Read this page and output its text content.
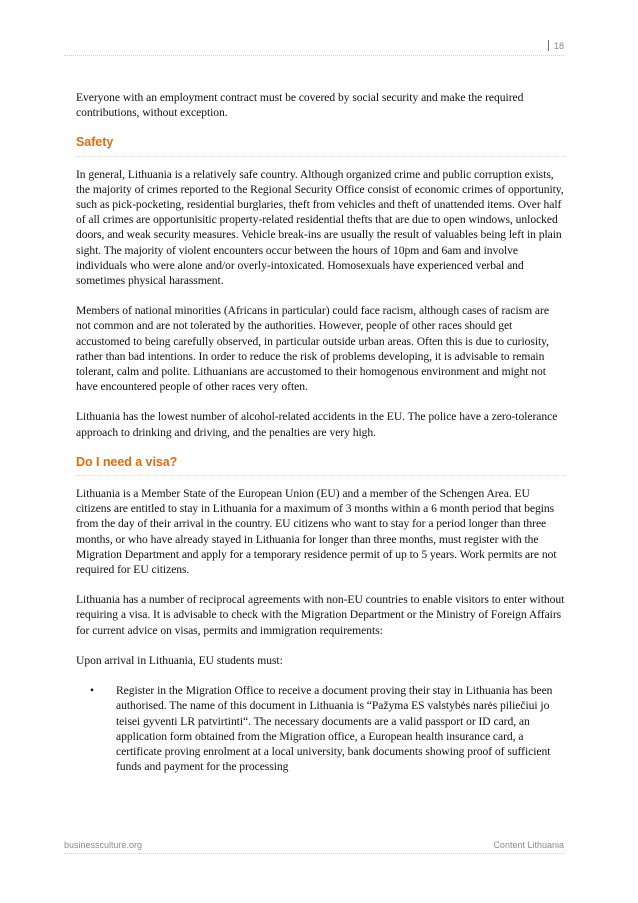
18

Everyone with an employment contract must be covered by social security and make the required contributions, without exception.

Safety

In general, Lithuania is a relatively safe country. Although organized crime and public corruption exists, the majority of crimes reported to the Regional Security Office consist of economic crimes of opportunity, such as pick-pocketing, residential burglaries, theft from vehicles and theft of unattended items. Over half of all crimes are opportunisitic property-related residential thefts that are due to open windows, unlocked doors, and weak security measures. Vehicle break-ins are usually the result of valuables being left in plain sight. The majority of violent encounters occur between the hours of 10pm and 6am and involve individuals who were alone and/or overly-intoxicated. Homosexuals have experienced verbal and sometimes physical harassment.

Members of national minorities (Africans in particular) could face racism, although cases of racism are not common and are not tolerated by the authorities. However, people of other races should get accustomed to being carefully observed, in particular outside urban areas. Often this is due to curiosity, rather than bad intentions. In order to reduce the risk of problems developing, it is advisable to remain tolerant, calm and polite. Lithuanians are accustomed to their homogenous environment and might not have encountered people of other races very often.

Lithuania has the lowest number of alcohol-related accidents in the EU. The police have a zero-tolerance approach to drinking and driving, and the penalties are very high.

Do I need a visa?

Lithuania is a Member State of the European Union (EU) and a member of the Schengen Area. EU citizens are entitled to stay in Lithuania for a maximum of 3 months within a 6 month period that begins from the day of their arrival in the country. EU citizens who want to stay for a period longer than three months, or who have already stayed in Lithuania for longer than three months, must register with the Migration Department and apply for a temporary residence permit of up to 5 years. Work permits are not required for EU citizens.

Lithuania has a number of reciprocal agreements with non-EU countries to enable visitors to enter without requiring a visa. It is advisable to check with the Migration Department or the Ministry of Foreign Affairs for current advice on visas, permits and immigration requirements:

Upon arrival in Lithuania, EU students must:

• Register in the Migration Office to receive a document proving their stay in Lithuania has been authorised. The name of this document in Lithuania is “Pažyma ES valstybės narės piliečiui jo teisei gyventi LR patvirtinti“. The necessary documents are a valid passport or ID card, an application form obtained from the Migration office, a European health insurance card, a certificate proving enrolment at a local university, bank documents showing proof of sufficient funds and payment for the processing
businessculture.org	Content Lithuania
